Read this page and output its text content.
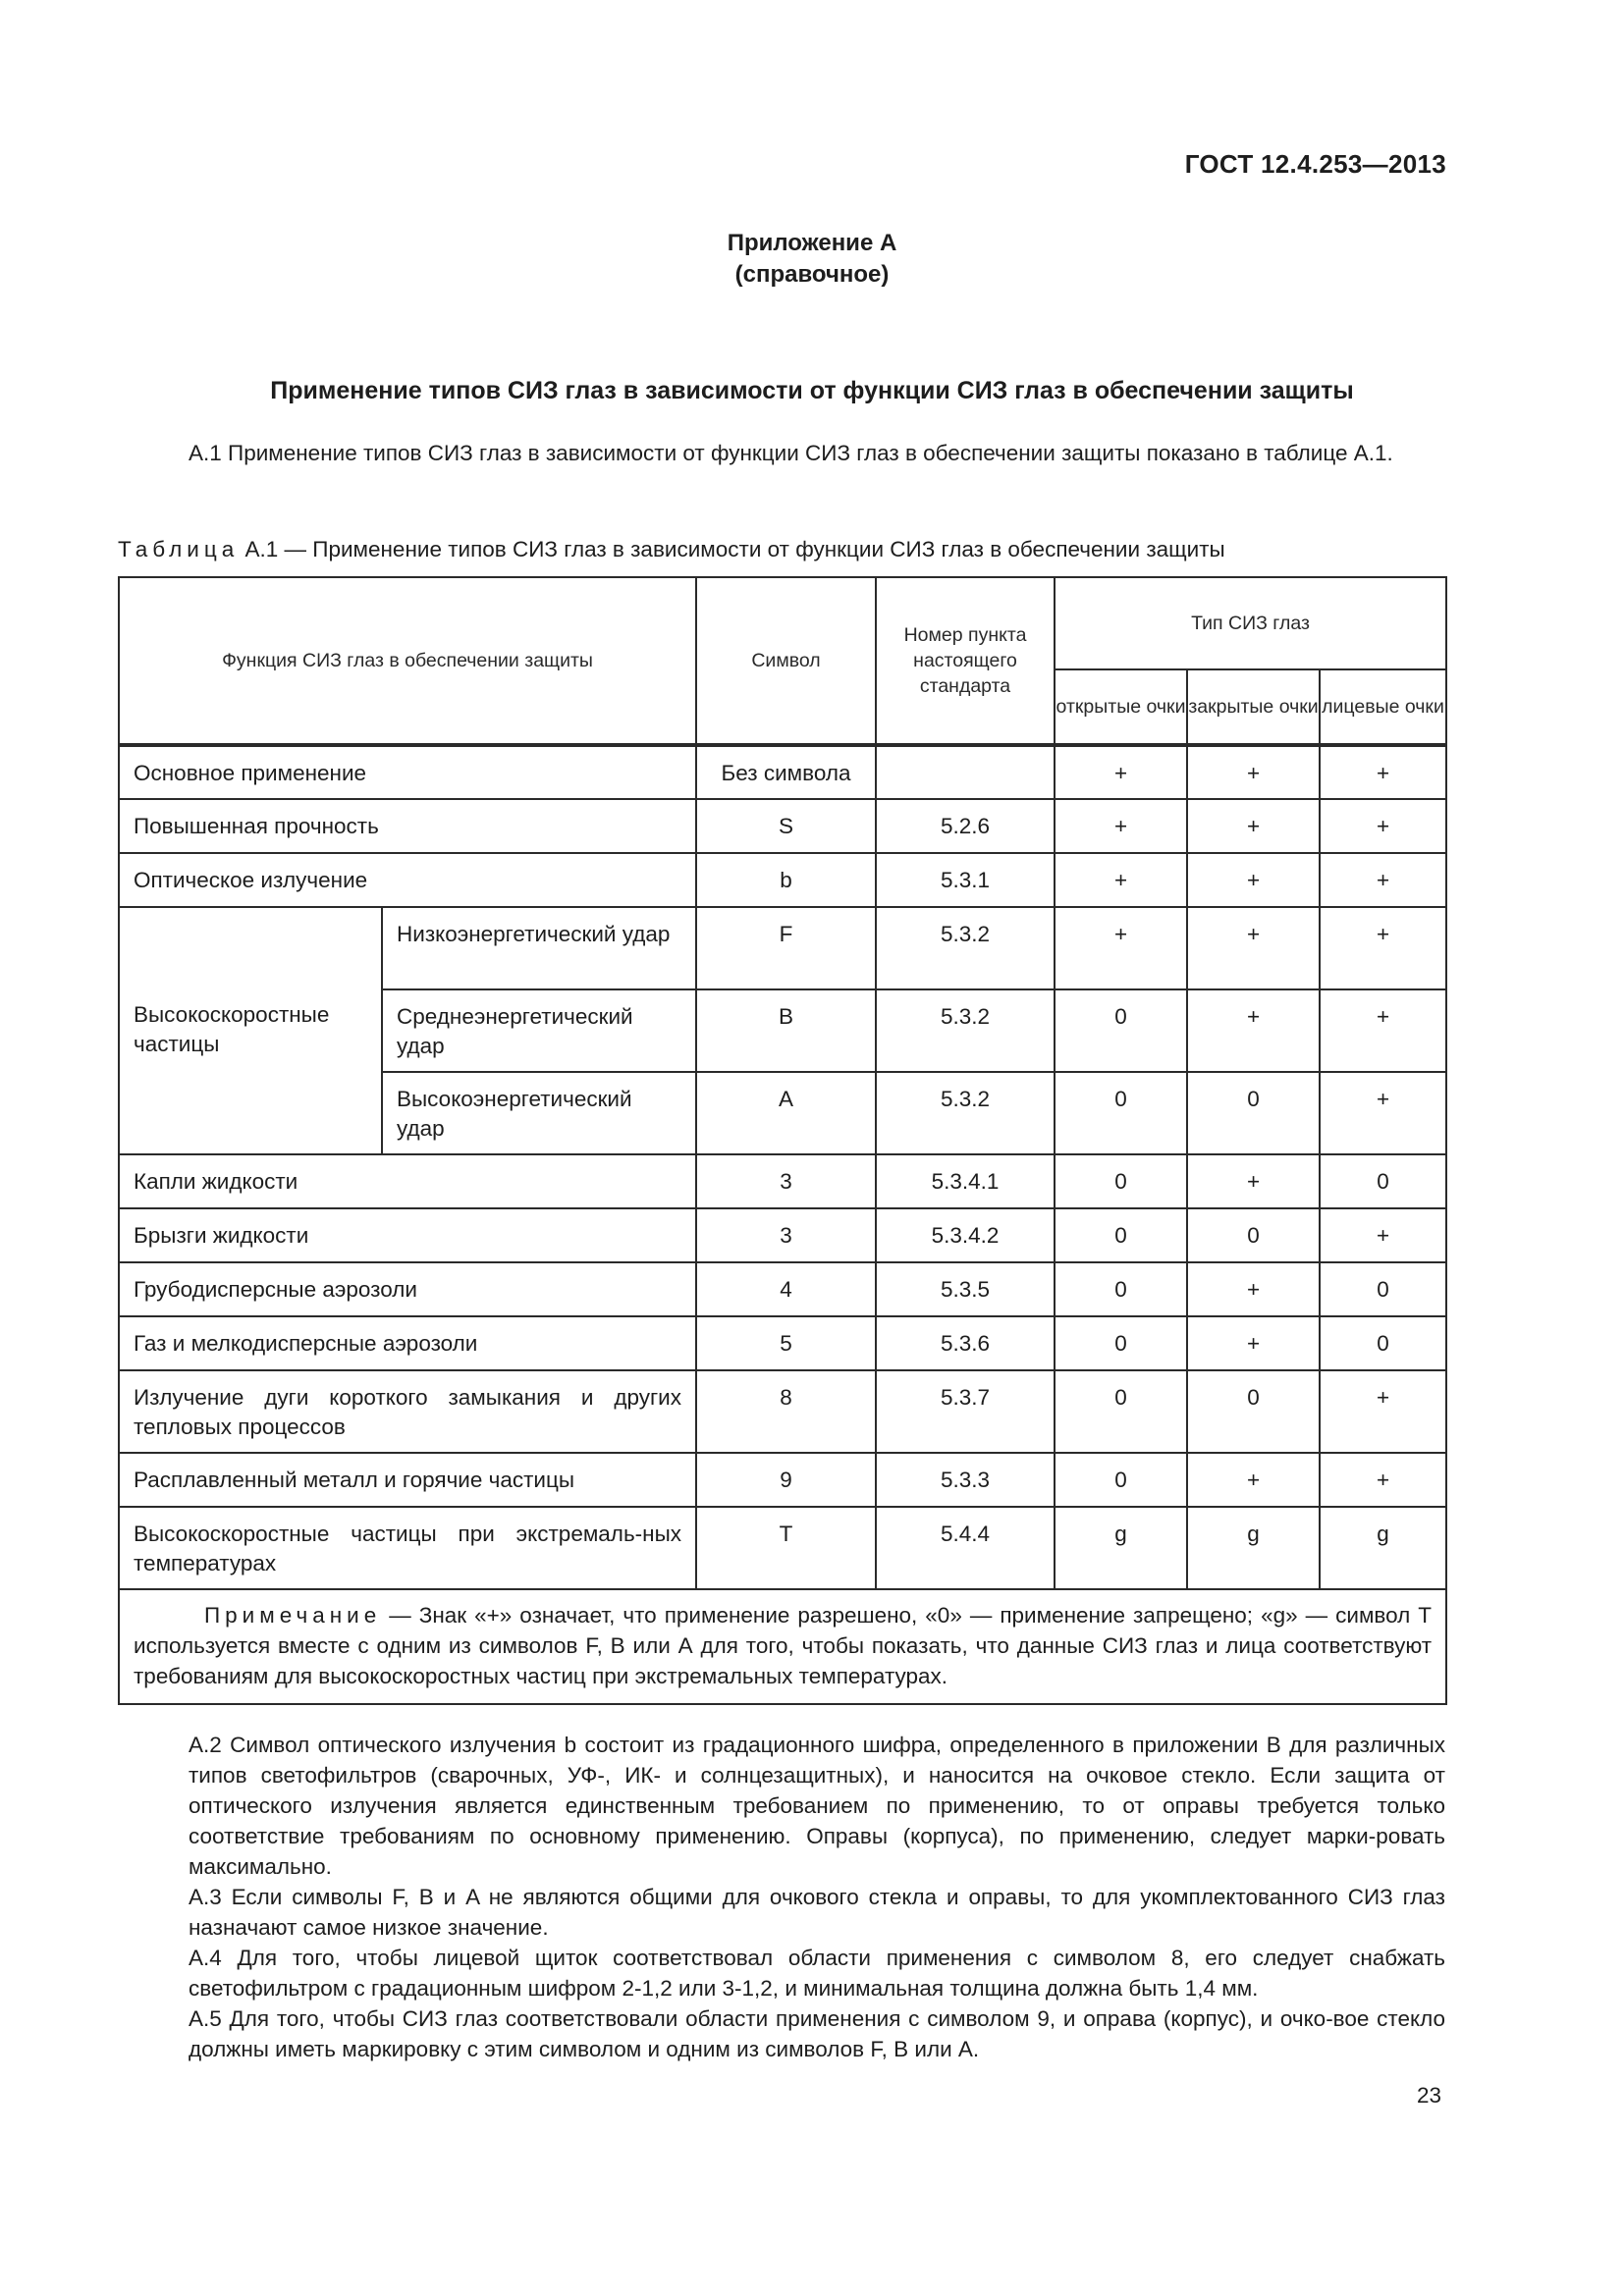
ГОСТ 12.4.253—2013
Приложение А
(справочное)
Применение типов СИЗ глаз в зависимости от функции СИЗ глаз в обеспечении защиты
А.1 Применение типов СИЗ глаз в зависимости от функции СИЗ глаз в обеспечении защиты показано в таблице А.1.
Таблица А.1 — Применение типов СИЗ глаз в зависимости от функции СИЗ глаз в обеспечении защиты
Функция СИЗ глаз в обеспечении защиты		Символ	Номер пункта настоящего стандарта	Тип СИЗ глаз		
				открытые очки	закрытые очки	лицевые очки
Основное применение		Без символа		+	+	+
Повышенная прочность		S	5.2.6	+	+	+
Оптическое излучение		b	5.3.1	+	+	+
Высокоскоростные частицы	Низкоэнергетический удар	F	5.3.2	+	+	+
	Среднеэнергетический удар	B	5.3.2	0	+	+
	Высокоэнергетический удар	A	5.3.2	0	0	+
Капли жидкости		3	5.3.4.1	0	+	0
Брызги жидкости		3	5.3.4.2	0	0	+
Грубодисперсные аэрозоли		4	5.3.5	0	+	0
Газ и мелкодисперсные аэрозоли		5	5.3.6	0	+	0
Излучение дуги короткого замыкания и других тепловых процессов		8	5.3.7	0	0	+
Расплавленный металл и горячие частицы		9	5.3.3	0	+	+
Высокоскоростные частицы при экстремаль-ных температурах		T	5.4.4	g	g	g
Примечание — Знак «+» означает, что применение разрешено, «0» — применение запрещено; «g» — символ Т используется вместе с одним из символов F, B или А для того, чтобы показать, что данные СИЗ глаз и лица соответствуют требованиям для высокоскоростных частиц при экстремальных температурах.						
А.2 Символ оптического излучения b состоит из градационного шифра, определенного в приложении В для различных типов светофильтров (сварочных, УФ-, ИК- и солнцезащитных), и наносится на очковое стекло. Если защита от оптического излучения является единственным требованием по применению, то от оправы требуется только соответствие требованиям по основному применению. Оправы (корпуса), по применению, следует марки-ровать максимально.
А.3 Если символы F, B и A не являются общими для очкового стекла и оправы, то для укомплектованного СИЗ глаз назначают самое низкое значение.
А.4 Для того, чтобы лицевой щиток соответствовал области применения с символом 8, его следует снабжать светофильтром с градационным шифром 2-1,2 или 3-1,2, и минимальная толщина должна быть 1,4 мм.
А.5 Для того, чтобы СИЗ глаз соответствовали области применения с символом 9, и оправа (корпус), и очко-вое стекло должны иметь маркировку с этим символом и одним из символов F, B или A.
23
